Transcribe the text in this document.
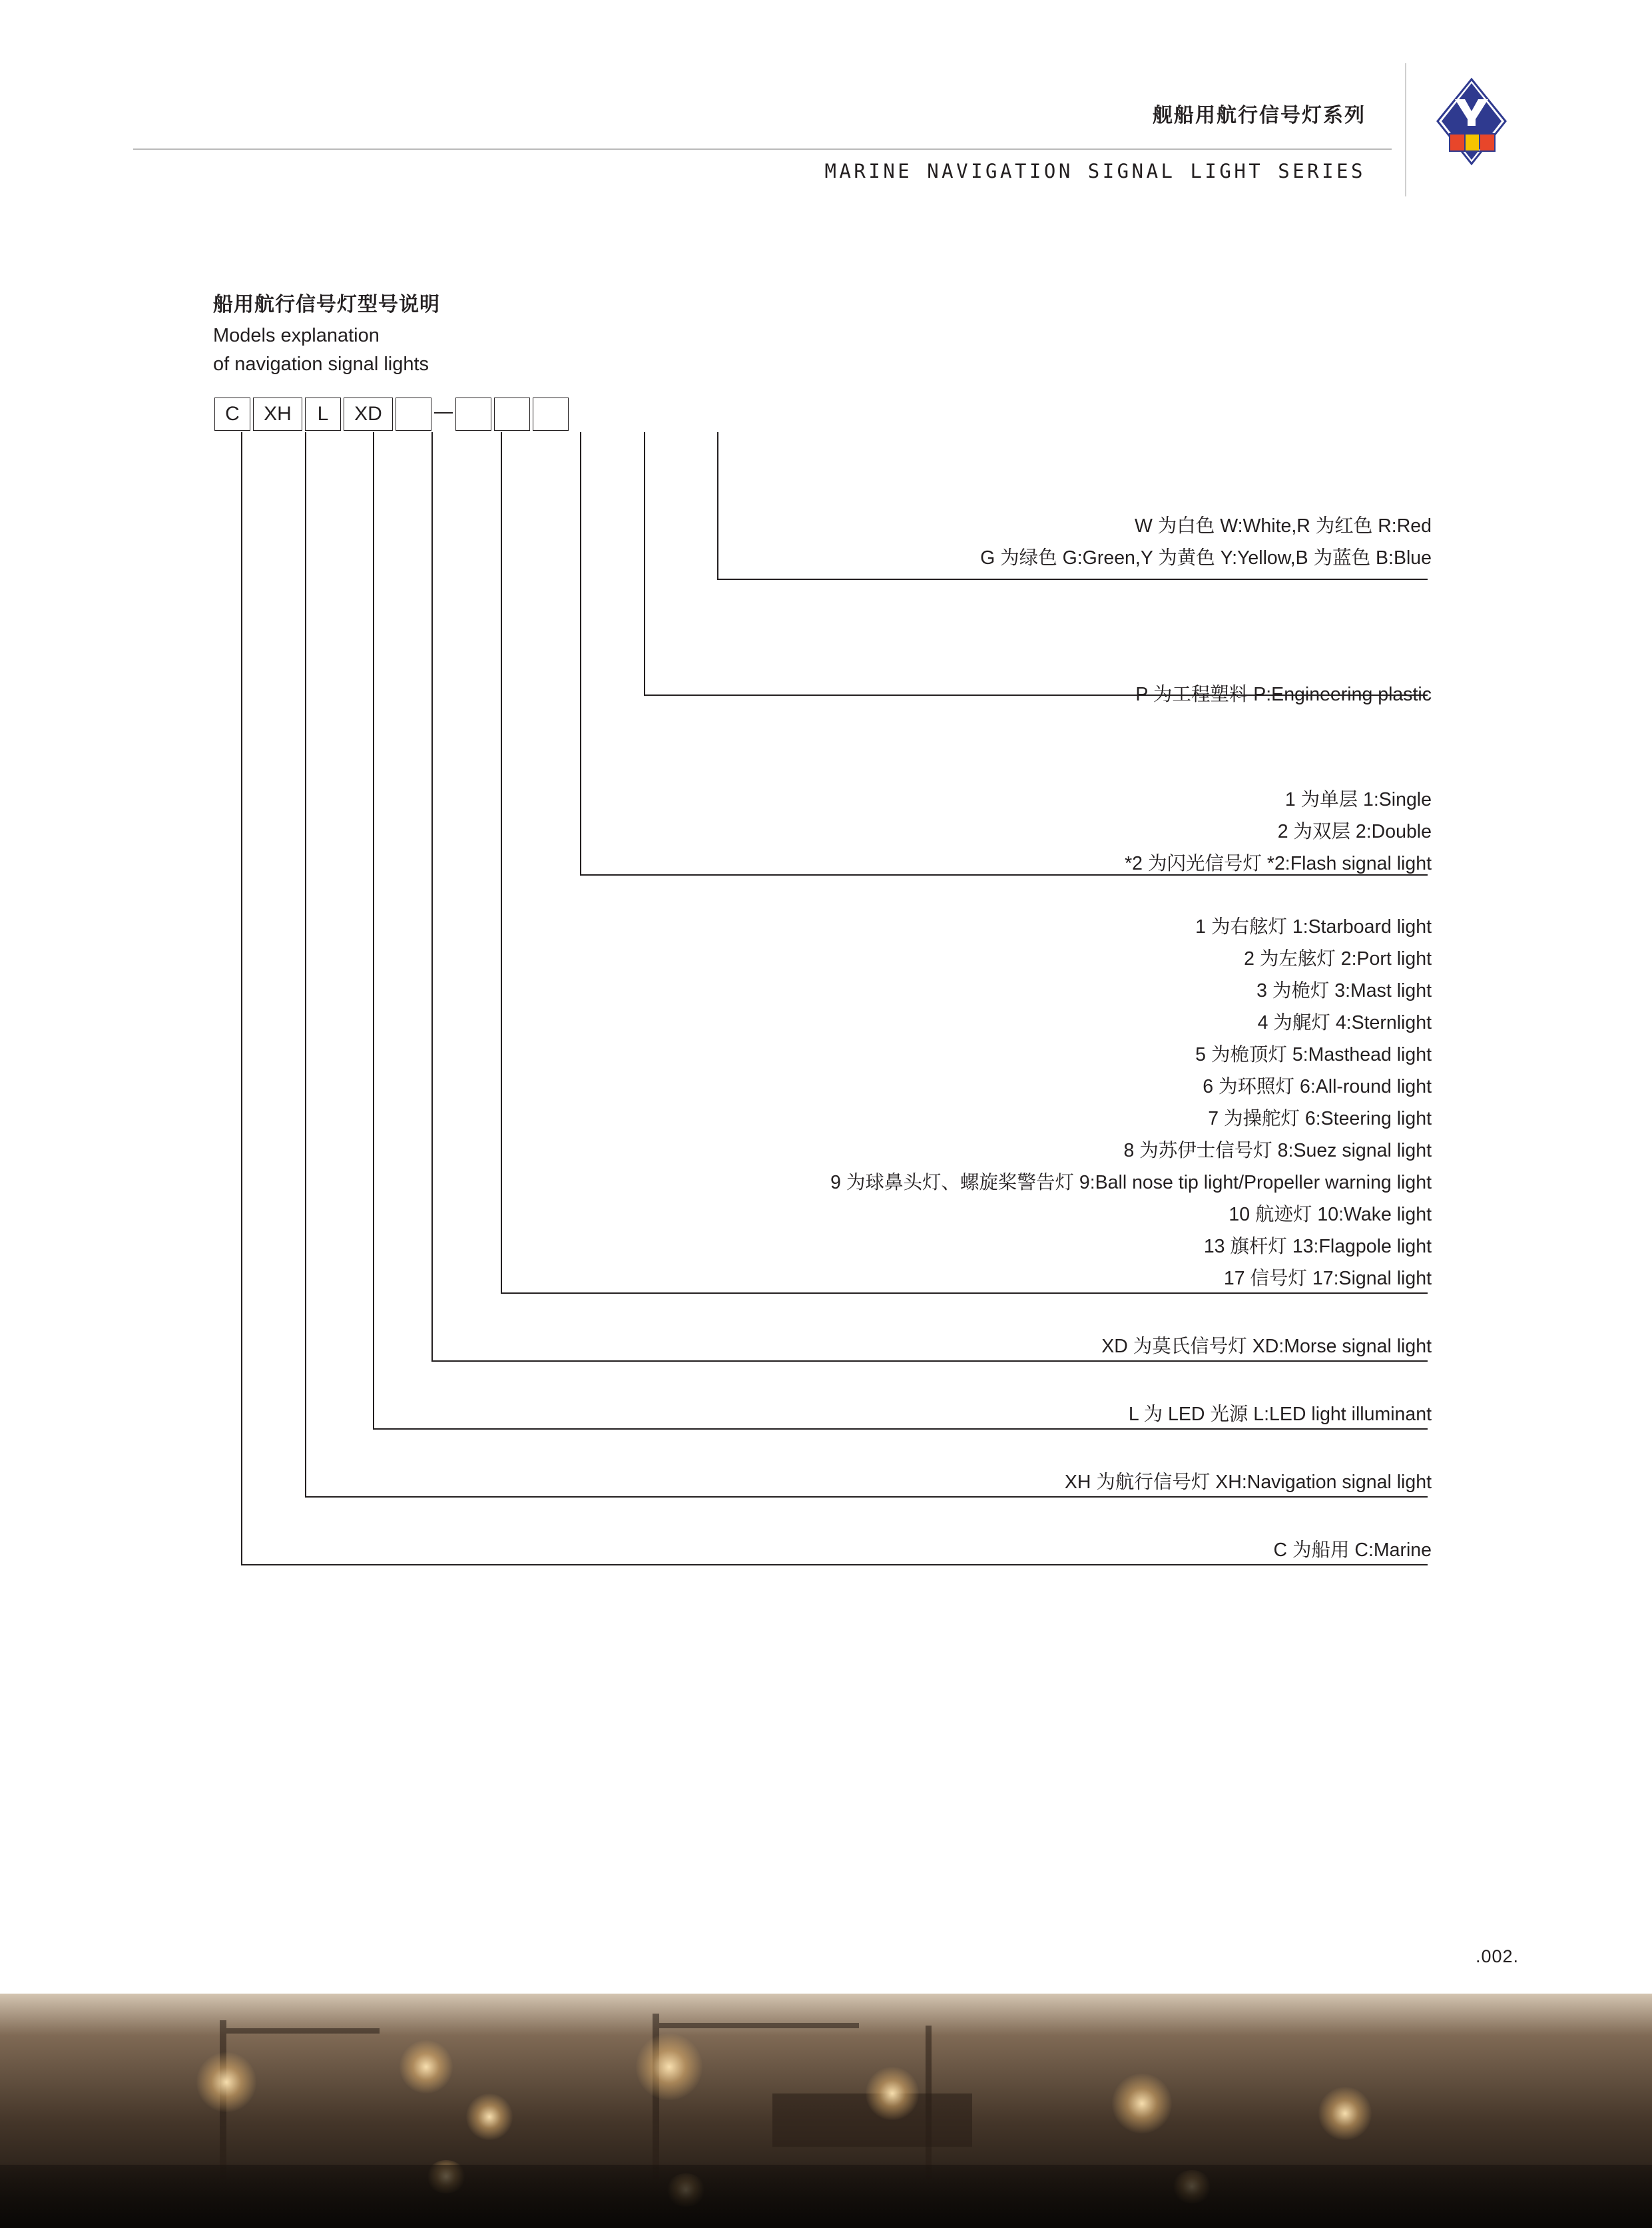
舰船用航行信号灯系列
MARINE NAVIGATION SIGNAL LIGHT SERIES
船用航行信号灯型号说明
Models explanation
of navigation signal lights
C	XH	L	XD
W 为白色 W:White,R 为红色 R:Red
G 为绿色 G:Green,Y 为黄色 Y:Yellow,B 为蓝色 B:Blue
P 为工程塑料 P:Engineering plastic
1 为单层 1:Single
2 为双层 2:Double
*2 为闪光信号灯 *2:Flash signal light
1 为右舷灯 1:Starboard light
2 为左舷灯 2:Port light
3 为桅灯 3:Mast light
4 为艉灯 4:Sternlight
5 为桅顶灯 5:Masthead light
6 为环照灯 6:All-round light
7 为操舵灯 6:Steering light
8 为苏伊士信号灯 8:Suez signal light
9 为球鼻头灯、螺旋桨警告灯 9:Ball nose tip light/Propeller warning light
10 航迹灯 10:Wake light
13 旗杆灯 13:Flagpole light
17 信号灯 17:Signal light
XD 为莫氏信号灯 XD:Morse signal light
L 为 LED 光源 L:LED light illuminant
XH 为航行信号灯 XH:Navigation signal light
C 为船用 C:Marine
.002.
